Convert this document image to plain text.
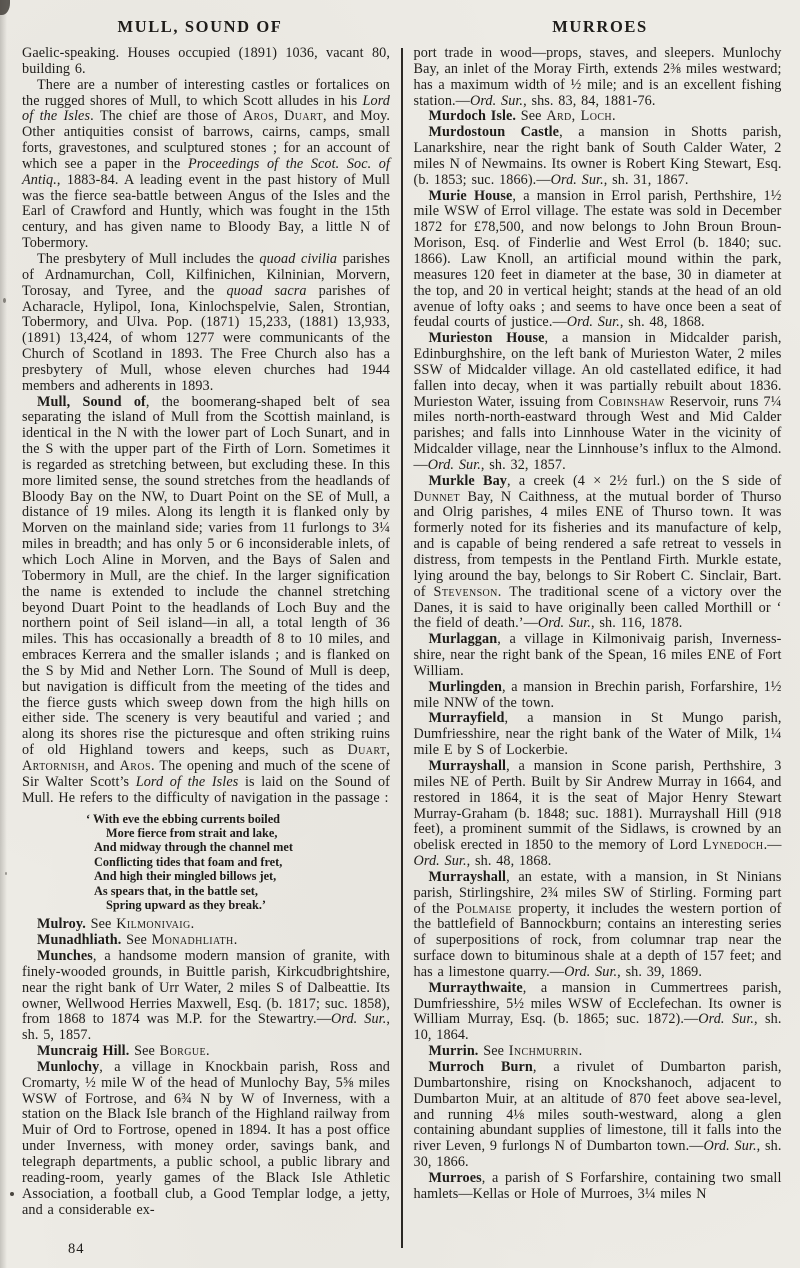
MULL, SOUND OF	MURROES

Gaelic-speaking. Houses occupied (1891) 1036, vacant 80, building 6.

There are a number of interesting castles or fortalices on the rugged shores of Mull, to which Scott alludes in his Lord of the Isles. The chief are those of Aros, Duart, and Moy. Other antiquities consist of barrows, cairns, camps, small forts, gravestones, and sculptured stones ; for an account of which see a paper in the Proceedings of the Scot. Soc. of Antiq., 1883-84. A leading event in the past history of Mull was the fierce sea-battle between Angus of the Isles and the Earl of Crawford and Huntly, which was fought in the 15th century, and has given name to Bloody Bay, a little N of Tobermory.

The presbytery of Mull includes the quoad civilia parishes of Ardnamurchan, Coll, Kilfinichen, Kilninian, Morvern, Torosay, and Tyree, and the quoad sacra parishes of Acharacle, Hylipol, Iona, Kinlochspelvie, Salen, Strontian, Tobermory, and Ulva. Pop. (1871) 15,233, (1881) 13,933, (1891) 13,424, of whom 1277 were communicants of the Church of Scotland in 1893. The Free Church also has a presbytery of Mull, whose eleven churches had 1944 members and adherents in 1893.

Mull, Sound of, the boomerang-shaped belt of sea separating the island of Mull from the Scottish mainland, is identical in the N with the lower part of Loch Sunart, and in the S with the upper part of the Firth of Lorn. Sometimes it is regarded as stretching between, but excluding these. In this more limited sense, the sound stretches from the headlands of Bloody Bay on the NW, to Duart Point on the SE of Mull, a distance of 19 miles. Along its length it is flanked only by Morven on the mainland side; varies from 11 furlongs to 3¼ miles in breadth; and has only 5 or 6 inconsiderable inlets, of which Loch Aline in Morven, and the Bays of Salen and Tobermory in Mull, are the chief. In the larger signification the name is extended to include the channel stretching beyond Duart Point to the headlands of Loch Buy and the northern point of Seil island—in all, a total length of 36 miles. This has occasionally a breadth of 8 to 10 miles, and embraces Kerrera and the smaller islands ; and is flanked on the S by Mid and Nether Lorn. The Sound of Mull is deep, but navigation is difficult from the meeting of the tides and the fierce gusts which sweep down from the high hills on either side. The scenery is very beautiful and varied ; and along its shores rise the picturesque and often striking ruins of old Highland towers and keeps, such as Duart, Artornish, and Aros. The opening and much of the scene of Sir Walter Scott’s Lord of the Isles is laid on the Sound of Mull. He refers to the difficulty of navigation in the passage :

‘ With eve the ebbing currents boiled
More fierce from strait and lake,
And midway through the channel met
Conflicting tides that foam and fret,
And high their mingled billows jet,
As spears that, in the battle set,
Spring upward as they break.’

Mulroy. See Kilmonivaig.

Munadhliath. See Monadhliath.

Munches, a handsome modern mansion of granite, with finely-wooded grounds, in Buittle parish, Kirkcudbrightshire, near the right bank of Urr Water, 2 miles S of Dalbeattie. Its owner, Wellwood Herries Maxwell, Esq. (b. 1817; suc. 1858), from 1868 to 1874 was M.P. for the Stewartry.—Ord. Sur., sh. 5, 1857.

Muncraig Hill. See Borgue.

Munlochy, a village in Knockbain parish, Ross and Cromarty, ½ mile W of the head of Munlochy Bay, 5⅝ miles WSW of Fortrose, and 6¾ N by W of Inverness, with a station on the Black Isle branch of the Highland railway from Muir of Ord to Fortrose, opened in 1894. It has a post office under Inverness, with money order, savings bank, and telegraph departments, a public school, a public library and reading-room, yearly games of the Black Isle Athletic Association, a football club, a Good Templar lodge, a jetty, and a considerable ex-

port trade in wood—props, staves, and sleepers. Munlochy Bay, an inlet of the Moray Firth, extends 2⅜ miles westward; has a maximum width of ½ mile; and is an excellent fishing station.—Ord. Sur., shs. 83, 84, 1881-76.

Murdoch Isle. See Ard, Loch.

Murdostoun Castle, a mansion in Shotts parish, Lanarkshire, near the right bank of South Calder Water, 2 miles N of Newmains. Its owner is Robert King Stewart, Esq. (b. 1853; suc. 1866).—Ord. Sur., sh. 31, 1867.

Murie House, a mansion in Errol parish, Perthshire, 1½ mile WSW of Errol village. The estate was sold in December 1872 for £78,500, and now belongs to John Broun Broun-Morison, Esq. of Finderlie and West Errol (b. 1840; suc. 1866). Law Knoll, an artificial mound within the park, measures 120 feet in diameter at the base, 30 in diameter at the top, and 20 in vertical height; stands at the head of an old avenue of lofty oaks ; and seems to have once been a seat of feudal courts of justice.—Ord. Sur., sh. 48, 1868.

Murieston House, a mansion in Midcalder parish, Edinburghshire, on the left bank of Murieston Water, 2 miles SSW of Midcalder village. An old castellated edifice, it had fallen into decay, when it was partially rebuilt about 1836. Murieston Water, issuing from Cobinshaw Reservoir, runs 7¼ miles north-north-eastward through West and Mid Calder parishes; and falls into Linnhouse Water in the vicinity of Midcalder village, near the Linnhouse’s influx to the Almond.—Ord. Sur., sh. 32, 1857.

Murkle Bay, a creek (4 × 2½ furl.) on the S side of Dunnet Bay, N Caithness, at the mutual border of Thurso and Olrig parishes, 4 miles ENE of Thurso town. It was formerly noted for its fisheries and its manufacture of kelp, and is capable of being rendered a safe retreat to vessels in distress, from tempests in the Pentland Firth. Murkle estate, lying around the bay, belongs to Sir Robert C. Sinclair, Bart. of Stevenson. The traditional scene of a victory over the Danes, it is said to have originally been called Morthill or ‘ the field of death.’—Ord. Sur., sh. 116, 1878.

Murlaggan, a village in Kilmonivaig parish, Inverness-shire, near the right bank of the Spean, 16 miles ENE of Fort William.

Murlingden, a mansion in Brechin parish, Forfarshire, 1½ mile NNW of the town.

Murrayfield, a mansion in St Mungo parish, Dumfriesshire, near the right bank of the Water of Milk, 1¼ mile E by S of Lockerbie.

Murrayshall, a mansion in Scone parish, Perthshire, 3 miles NE of Perth. Built by Sir Andrew Murray in 1664, and restored in 1864, it is the seat of Major Henry Stewart Murray-Graham (b. 1848; suc. 1881). Murrayshall Hill (918 feet), a prominent summit of the Sidlaws, is crowned by an obelisk erected in 1850 to the memory of Lord Lynedoch.—Ord. Sur., sh. 48, 1868.

Murrayshall, an estate, with a mansion, in St Ninians parish, Stirlingshire, 2¾ miles SW of Stirling. Forming part of the Polmaise property, it includes the western portion of the battlefield of Bannockburn; contains an interesting series of superpositions of rock, from columnar trap near the surface down to bituminous shale at a depth of 157 feet; and has a limestone quarry.—Ord. Sur., sh. 39, 1869.

Murraythwaite, a mansion in Cummertrees parish, Dumfriesshire, 5½ miles WSW of Ecclefechan. Its owner is William Murray, Esq. (b. 1865; suc. 1872).—Ord. Sur., sh. 10, 1864.

Murrin. See Inchmurrin.

Murroch Burn, a rivulet of Dumbarton parish, Dumbartonshire, rising on Knockshanoch, adjacent to Dumbarton Muir, at an altitude of 870 feet above sea-level, and running 4⅛ miles south-westward, along a glen containing abundant supplies of limestone, till it falls into the river Leven, 9 furlongs N of Dumbarton town.—Ord. Sur., sh. 30, 1866.

Murroes, a parish of S Forfarshire, containing two small hamlets—Kellas or Hole of Murroes, 3¼ miles N

84
